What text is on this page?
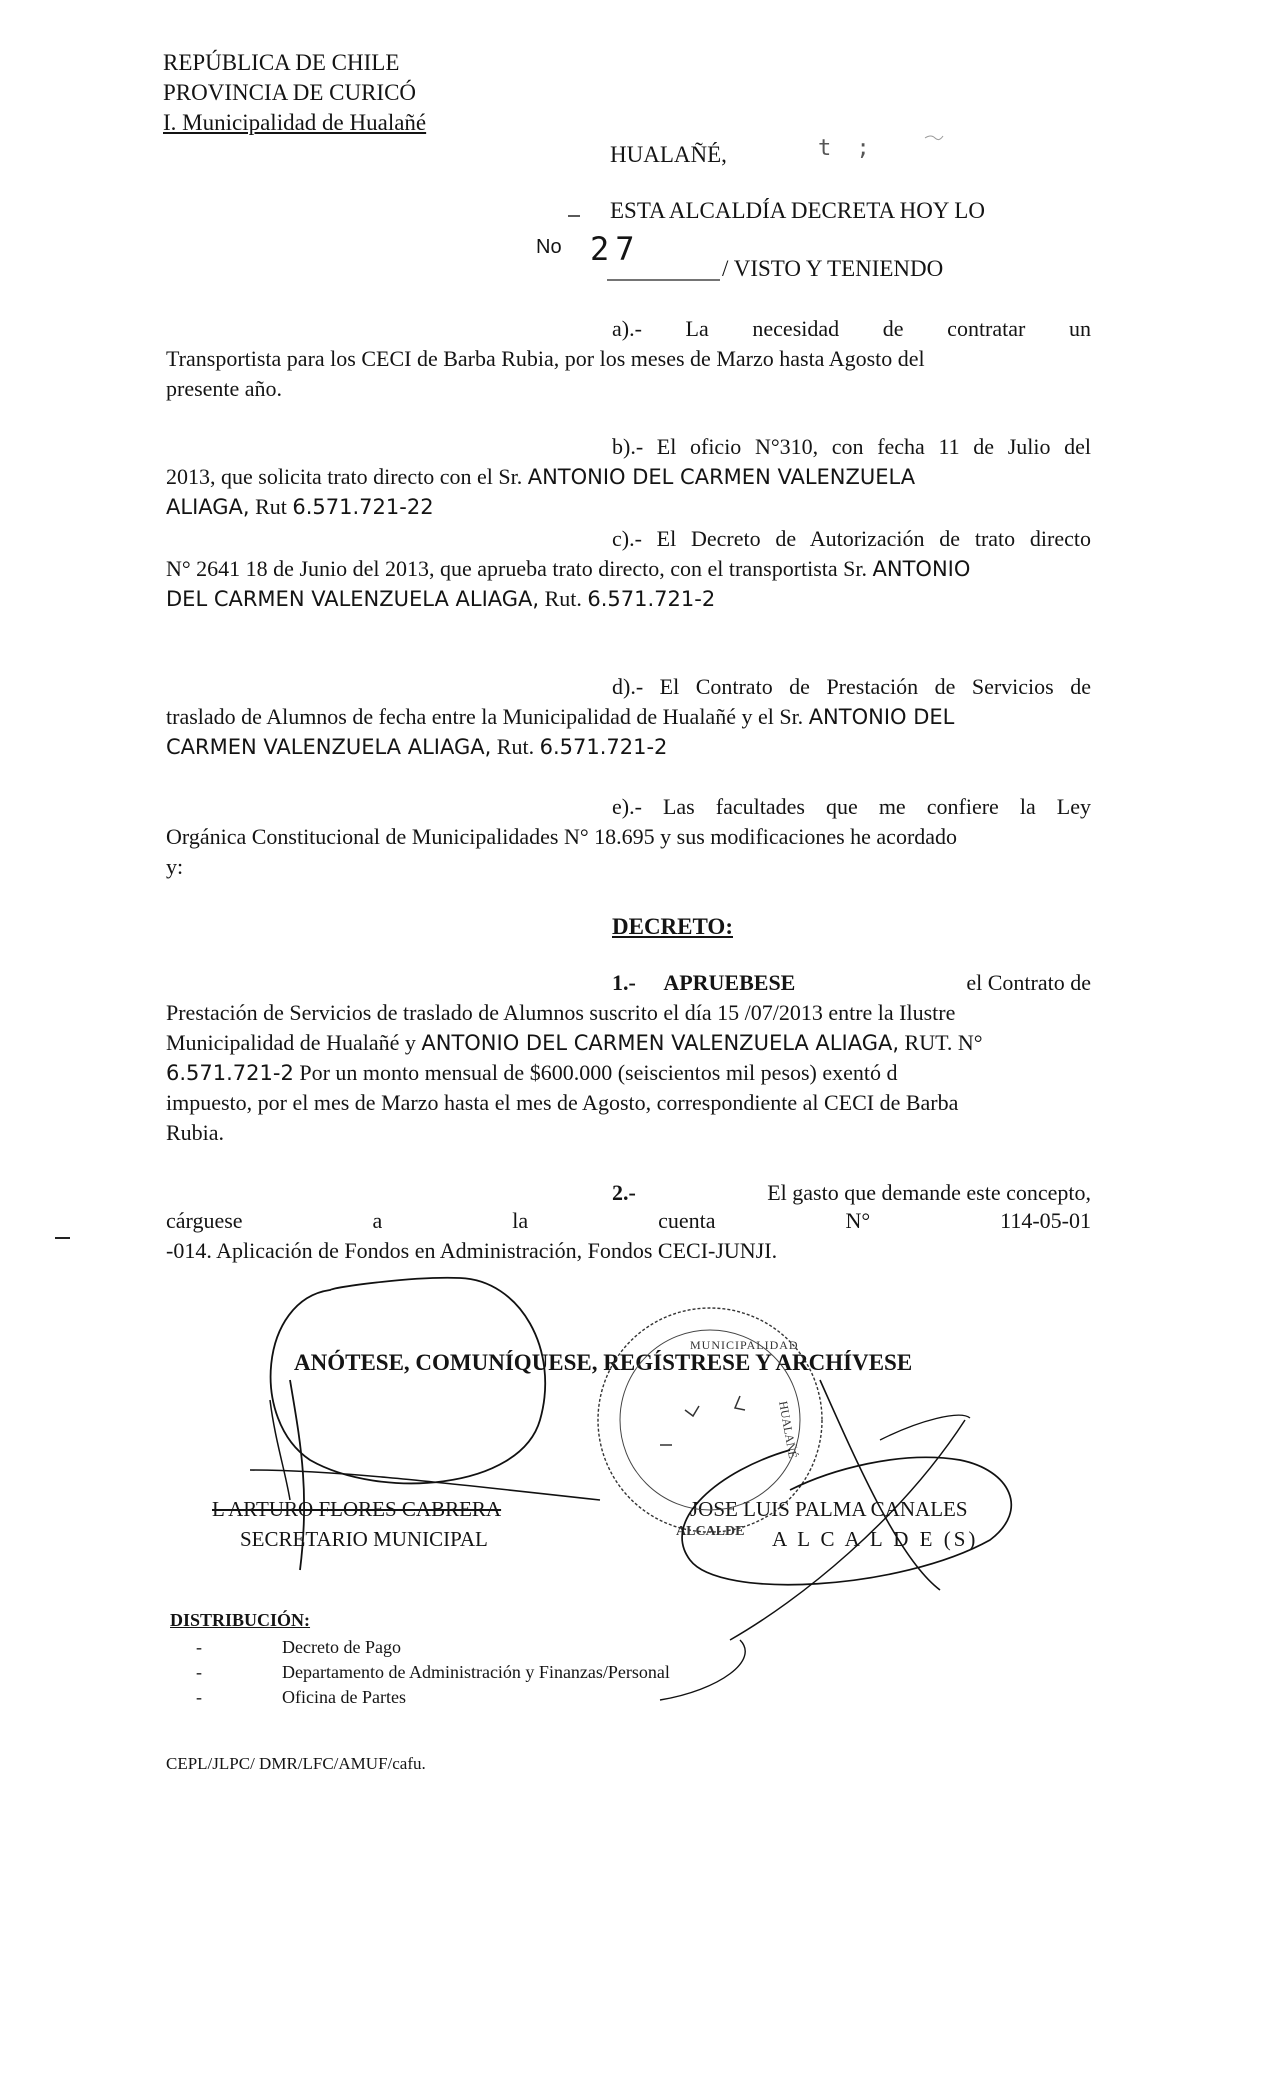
REPÚBLICA DE CHILE
PROVINCIA DE CURICÓ
I. Municipalidad de Hualañé
HUALAÑÉ,	t ;
ESTA ALCALDÍA DECRETA HOY LO
No 27
/ VISTO Y TENIENDO
a).- La necesidad de contratar un
Transportista para los CECI de Barba Rubia, por los meses de Marzo hasta Agosto del
presente año.
b).- El oficio N°310, con fecha 11 de Julio del
2013, que solicita trato directo con el Sr. ANTONIO DEL CARMEN VALENZUELA
ALIAGA, Rut 6.571.721-22
c).- El Decreto de Autorización de trato directo
N° 2641 18 de Junio del 2013, que aprueba trato directo, con el transportista Sr. ANTONIO
DEL CARMEN VALENZUELA ALIAGA, Rut. 6.571.721-2
d).- El Contrato de Prestación de Servicios de
traslado de Alumnos de fecha entre la Municipalidad de Hualañé y el Sr. ANTONIO DEL
CARMEN VALENZUELA ALIAGA, Rut. 6.571.721-2
e).- Las facultades que me confiere la Ley
Orgánica Constitucional de Municipalidades N° 18.695 y sus modificaciones he acordado
y:
DECRETO:
1.- APRUEBESE	el Contrato de
Prestación de Servicios de traslado de Alumnos suscrito el día 15 /07/2013 entre la Ilustre
Municipalidad de Hualañé y ANTONIO DEL CARMEN VALENZUELA ALIAGA, RUT. N°
6.571.721-2 Por un monto mensual de $600.000 (seiscientos mil pesos) exentó d
impuesto, por el mes de Marzo hasta el mes de Agosto, correspondiente al CECI de Barba
Rubia.
2.-	El gasto que demande este concepto,
cárguese	a	la	cuenta	N°	114-05-01
-014. Aplicación de Fondos en Administración, Fondos CECI-JUNJI.
ANÓTESE, COMUNÍQUESE, REGÍSTRESE Y ARCHÍVESE
L ARTURO FLORES CABRERA
SECRETARIO MUNICIPAL
JOSE LUIS PALMA CANALES
A L C A L D E (S)
MUNICIPALIDAD
HUALAÑÉ
ALCALDE
DISTRIBUCIÓN:
-	Decreto de Pago
-	Departamento de Administración y Finanzas/Personal
-	Oficina de Partes
CEPL/JLPC/ DMR/LFC/AMUF/cafu.
